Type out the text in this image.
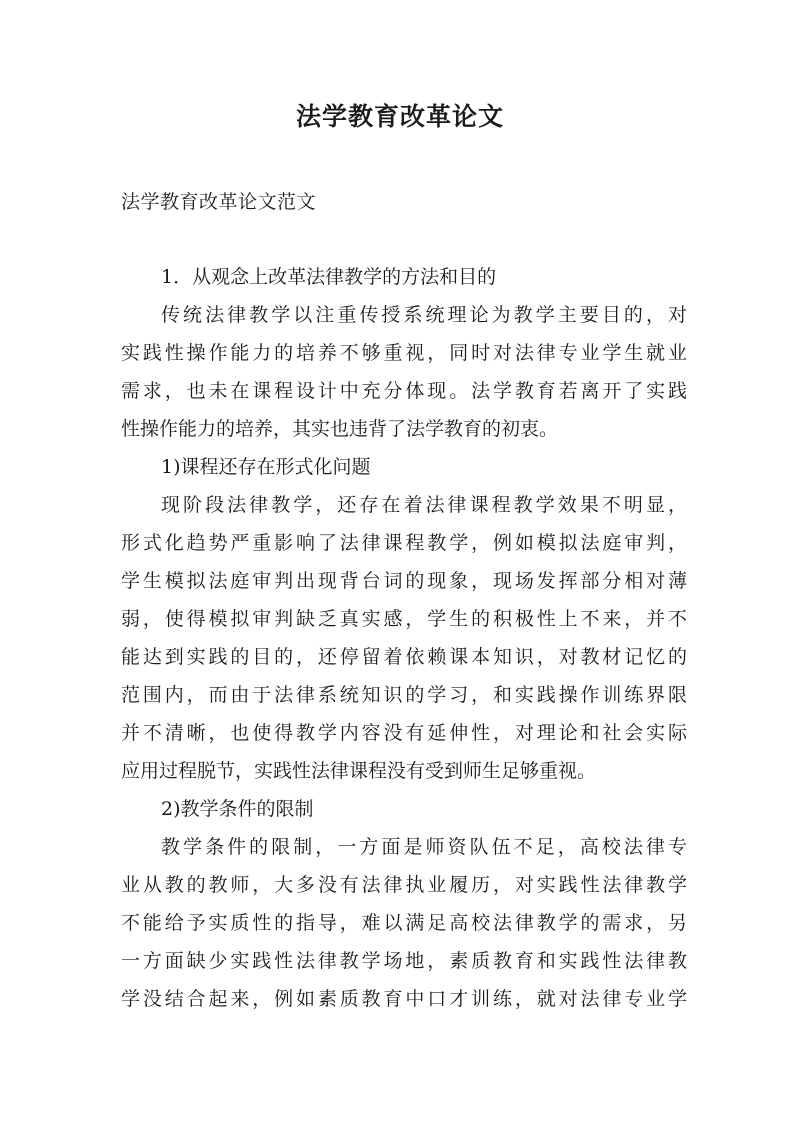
法学教育改革论文

法学教育改革论文范文

1．从观念上改革法律教学的方法和目的
传统法律教学以注重传授系统理论为教学主要目的，对
实践性操作能力的培养不够重视，同时对法律专业学生就业
需求，也未在课程设计中充分体现。法学教育若离开了实践
性操作能力的培养，其实也违背了法学教育的初衷。
1)课程还存在形式化问题
现阶段法律教学，还存在着法律课程教学效果不明显，
形式化趋势严重影响了法律课程教学，例如模拟法庭审判，
学生模拟法庭审判出现背台词的现象，现场发挥部分相对薄
弱，使得模拟审判缺乏真实感，学生的积极性上不来，并不
能达到实践的目的，还停留着依赖课本知识，对教材记忆的
范围内，而由于法律系统知识的学习，和实践操作训练界限
并不清晰，也使得教学内容没有延伸性，对理论和社会实际
应用过程脱节，实践性法律课程没有受到师生足够重视。
2)教学条件的限制
教学条件的限制，一方面是师资队伍不足，高校法律专
业从教的教师，大多没有法律执业履历，对实践性法律教学
不能给予实质性的指导，难以满足高校法律教学的需求，另
一方面缺少实践性法律教学场地，素质教育和实践性法律教
学没结合起来，例如素质教育中口才训练，就对法律专业学
